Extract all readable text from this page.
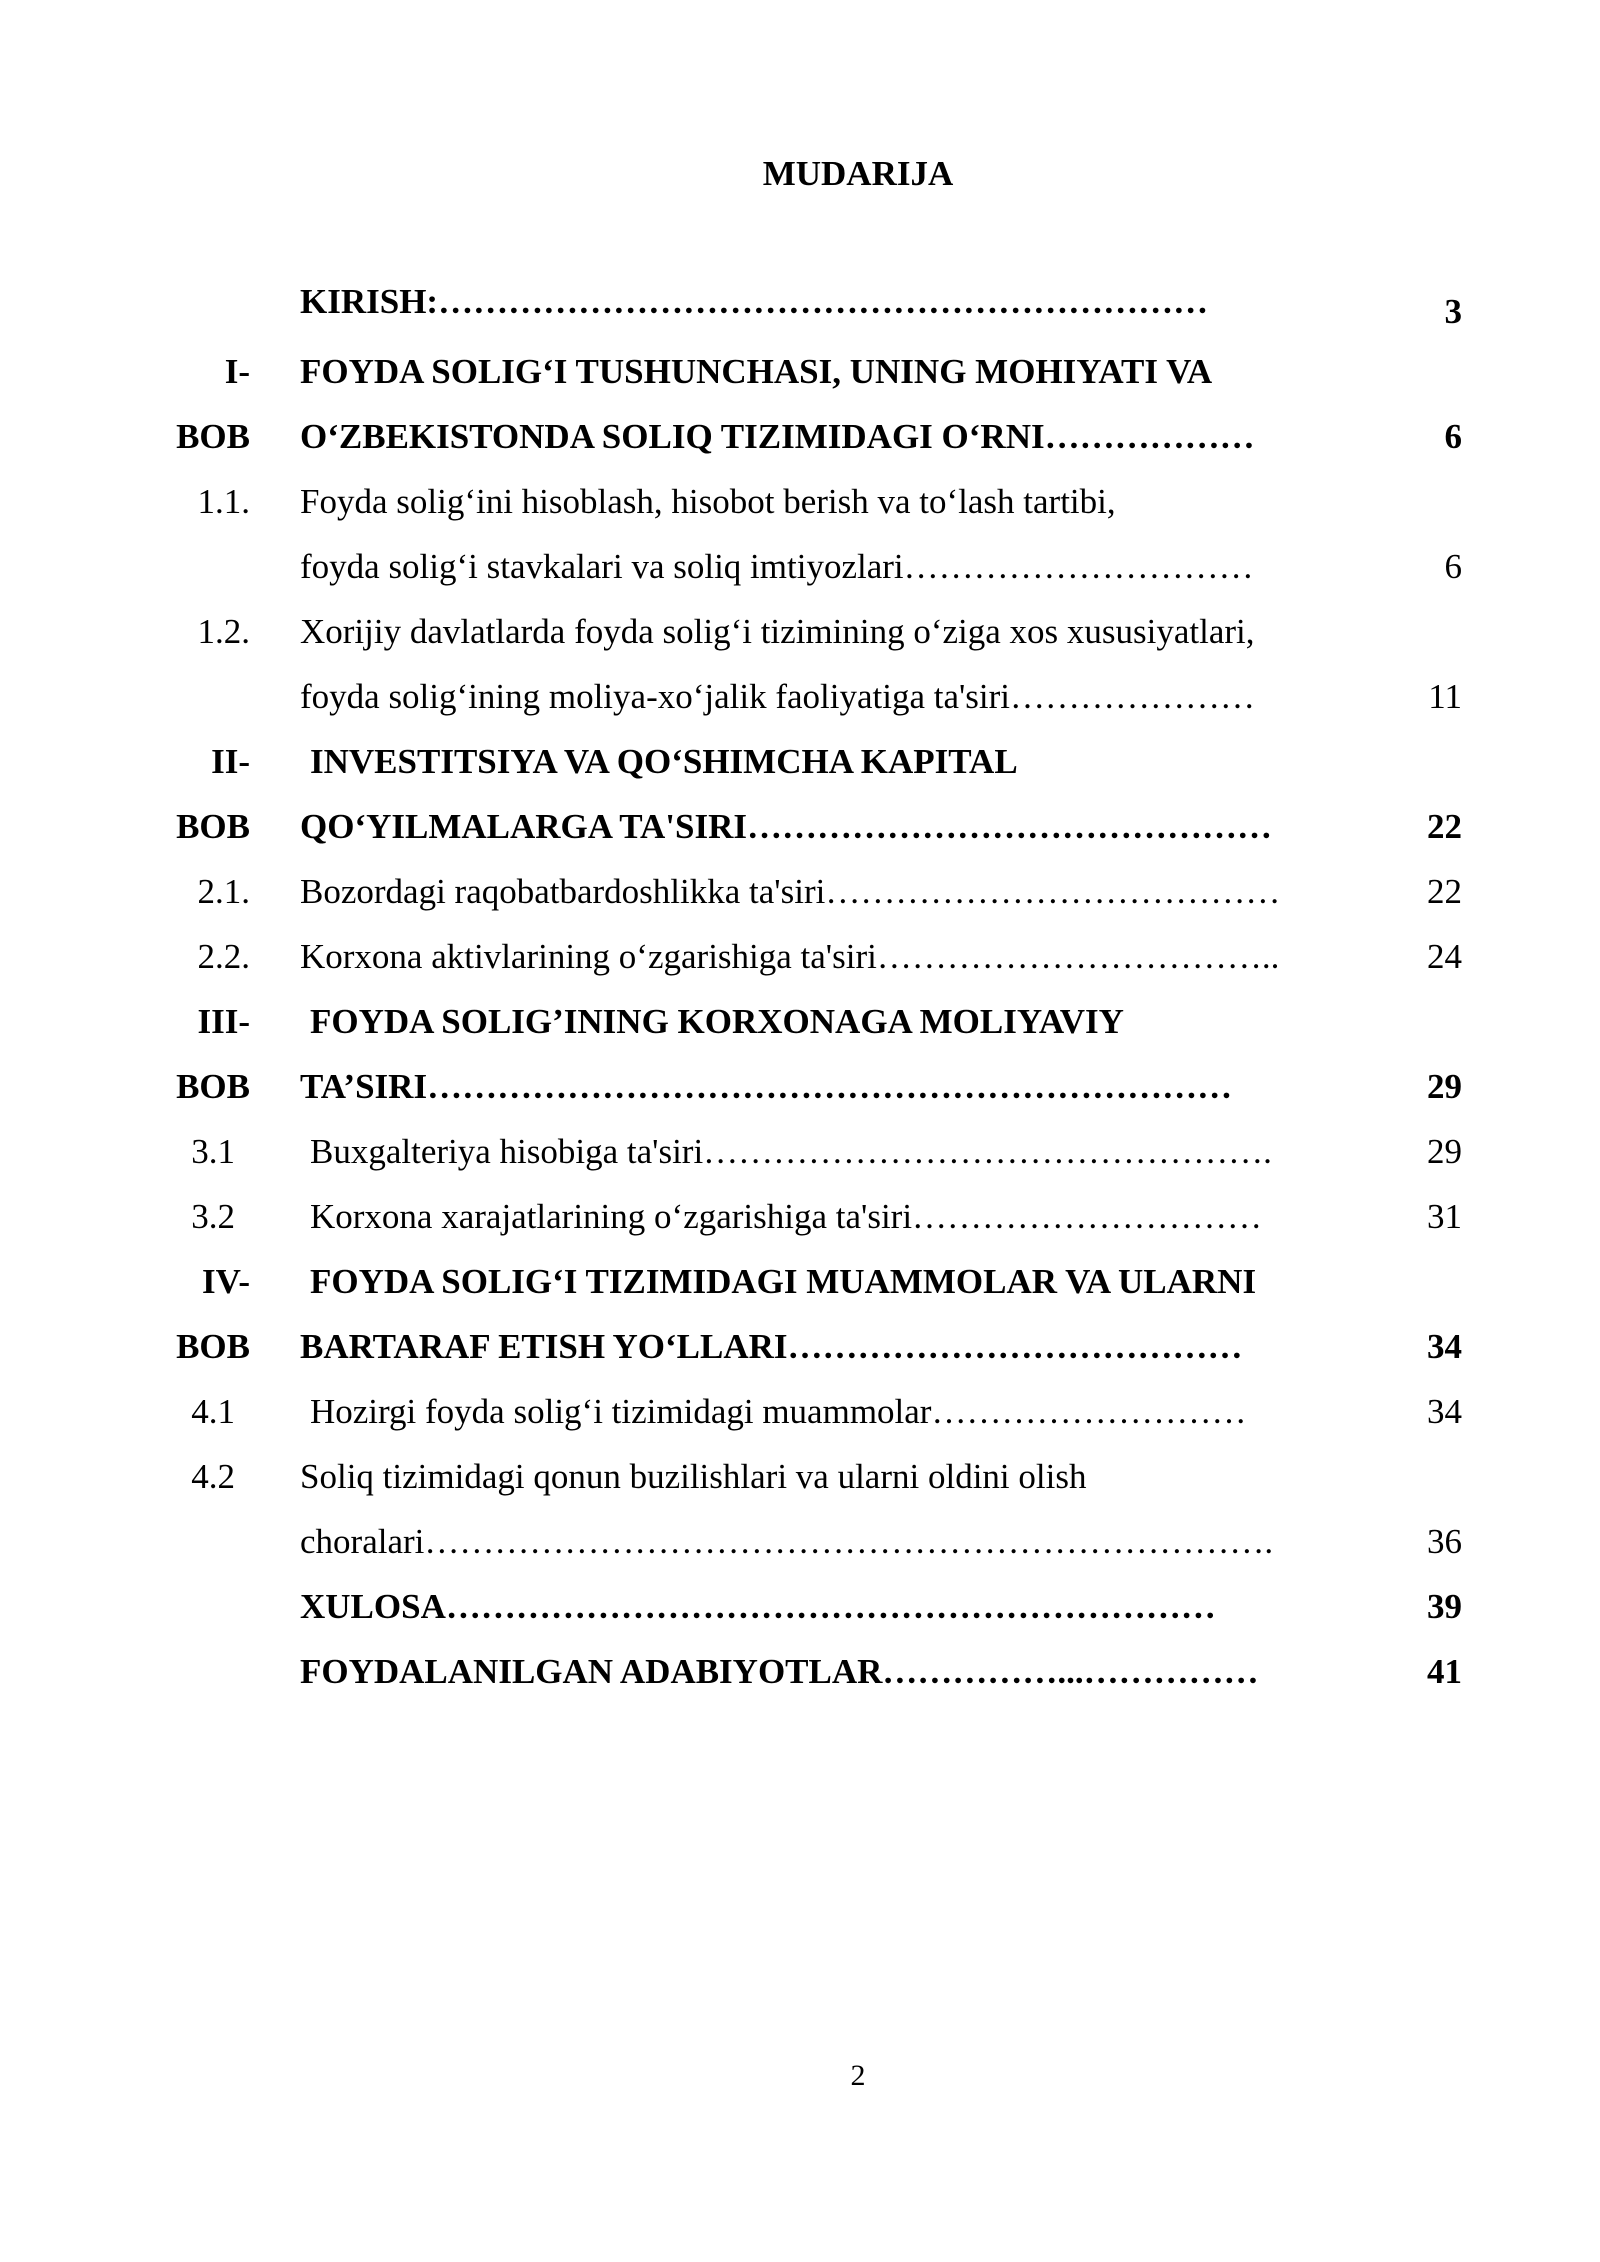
MUDARIJA
KIRISH:…………………………………………………………	3
I- FOYDA SOLIG‘I TUSHUNCHASI, UNING MOHIYATI VA
BOB O‘ZBEKISTONDA SOLIQ TIZIMIDAGI O‘RNI………………	6
1.1. Foyda solig‘ini hisoblash, hisobot berish va to‘lash tartibi,
foyda solig‘i stavkalari va soliq imtiyozlari…………………………	6
1.2. Xorijiy davlatlarda foyda solig‘i tizimining o‘ziga xos xususiyatlari,
foyda solig‘ining moliya-xo‘jalik faoliyatiga ta'siri…………………	11
II- INVESTITSIYA VA QO‘SHIMCHA KAPITAL
BOB QO‘YILMALARGA TA'SIRI………………………………………	22
2.1. Bozordagi raqobatbardoshlikka ta'siri…………………………………	22
2.2. Korxona aktivlarining o‘zgarishiga ta'siri……………………………..	24
III- FOYDA SOLIG’INING KORXONAGA MOLIYAVIY
BOB TA’SIRI……………………………………………………………	29
3.1 Buxgalteriya hisobiga ta'siri………………………………………….	29
3.2 Korxona xarajatlarining o‘zgarishiga ta'siri…………………………	31
IV- FOYDA SOLIG‘I TIZIMIDAGI MUAMMOLAR VA ULARNI
BOB BARTARAF ETISH YO‘LLARI…………………………………	34
4.1 Hozirgi foyda solig‘i tizimidagi muammolar………………………	34
4.2 Soliq tizimidagi qonun buzilishlari va ularni oldini olish
choralari……………………………………………………………….	36
XULOSA…………………………………………………………	39
FOYDALANILGAN ADABIYOTLAR……………...……………	41
2
